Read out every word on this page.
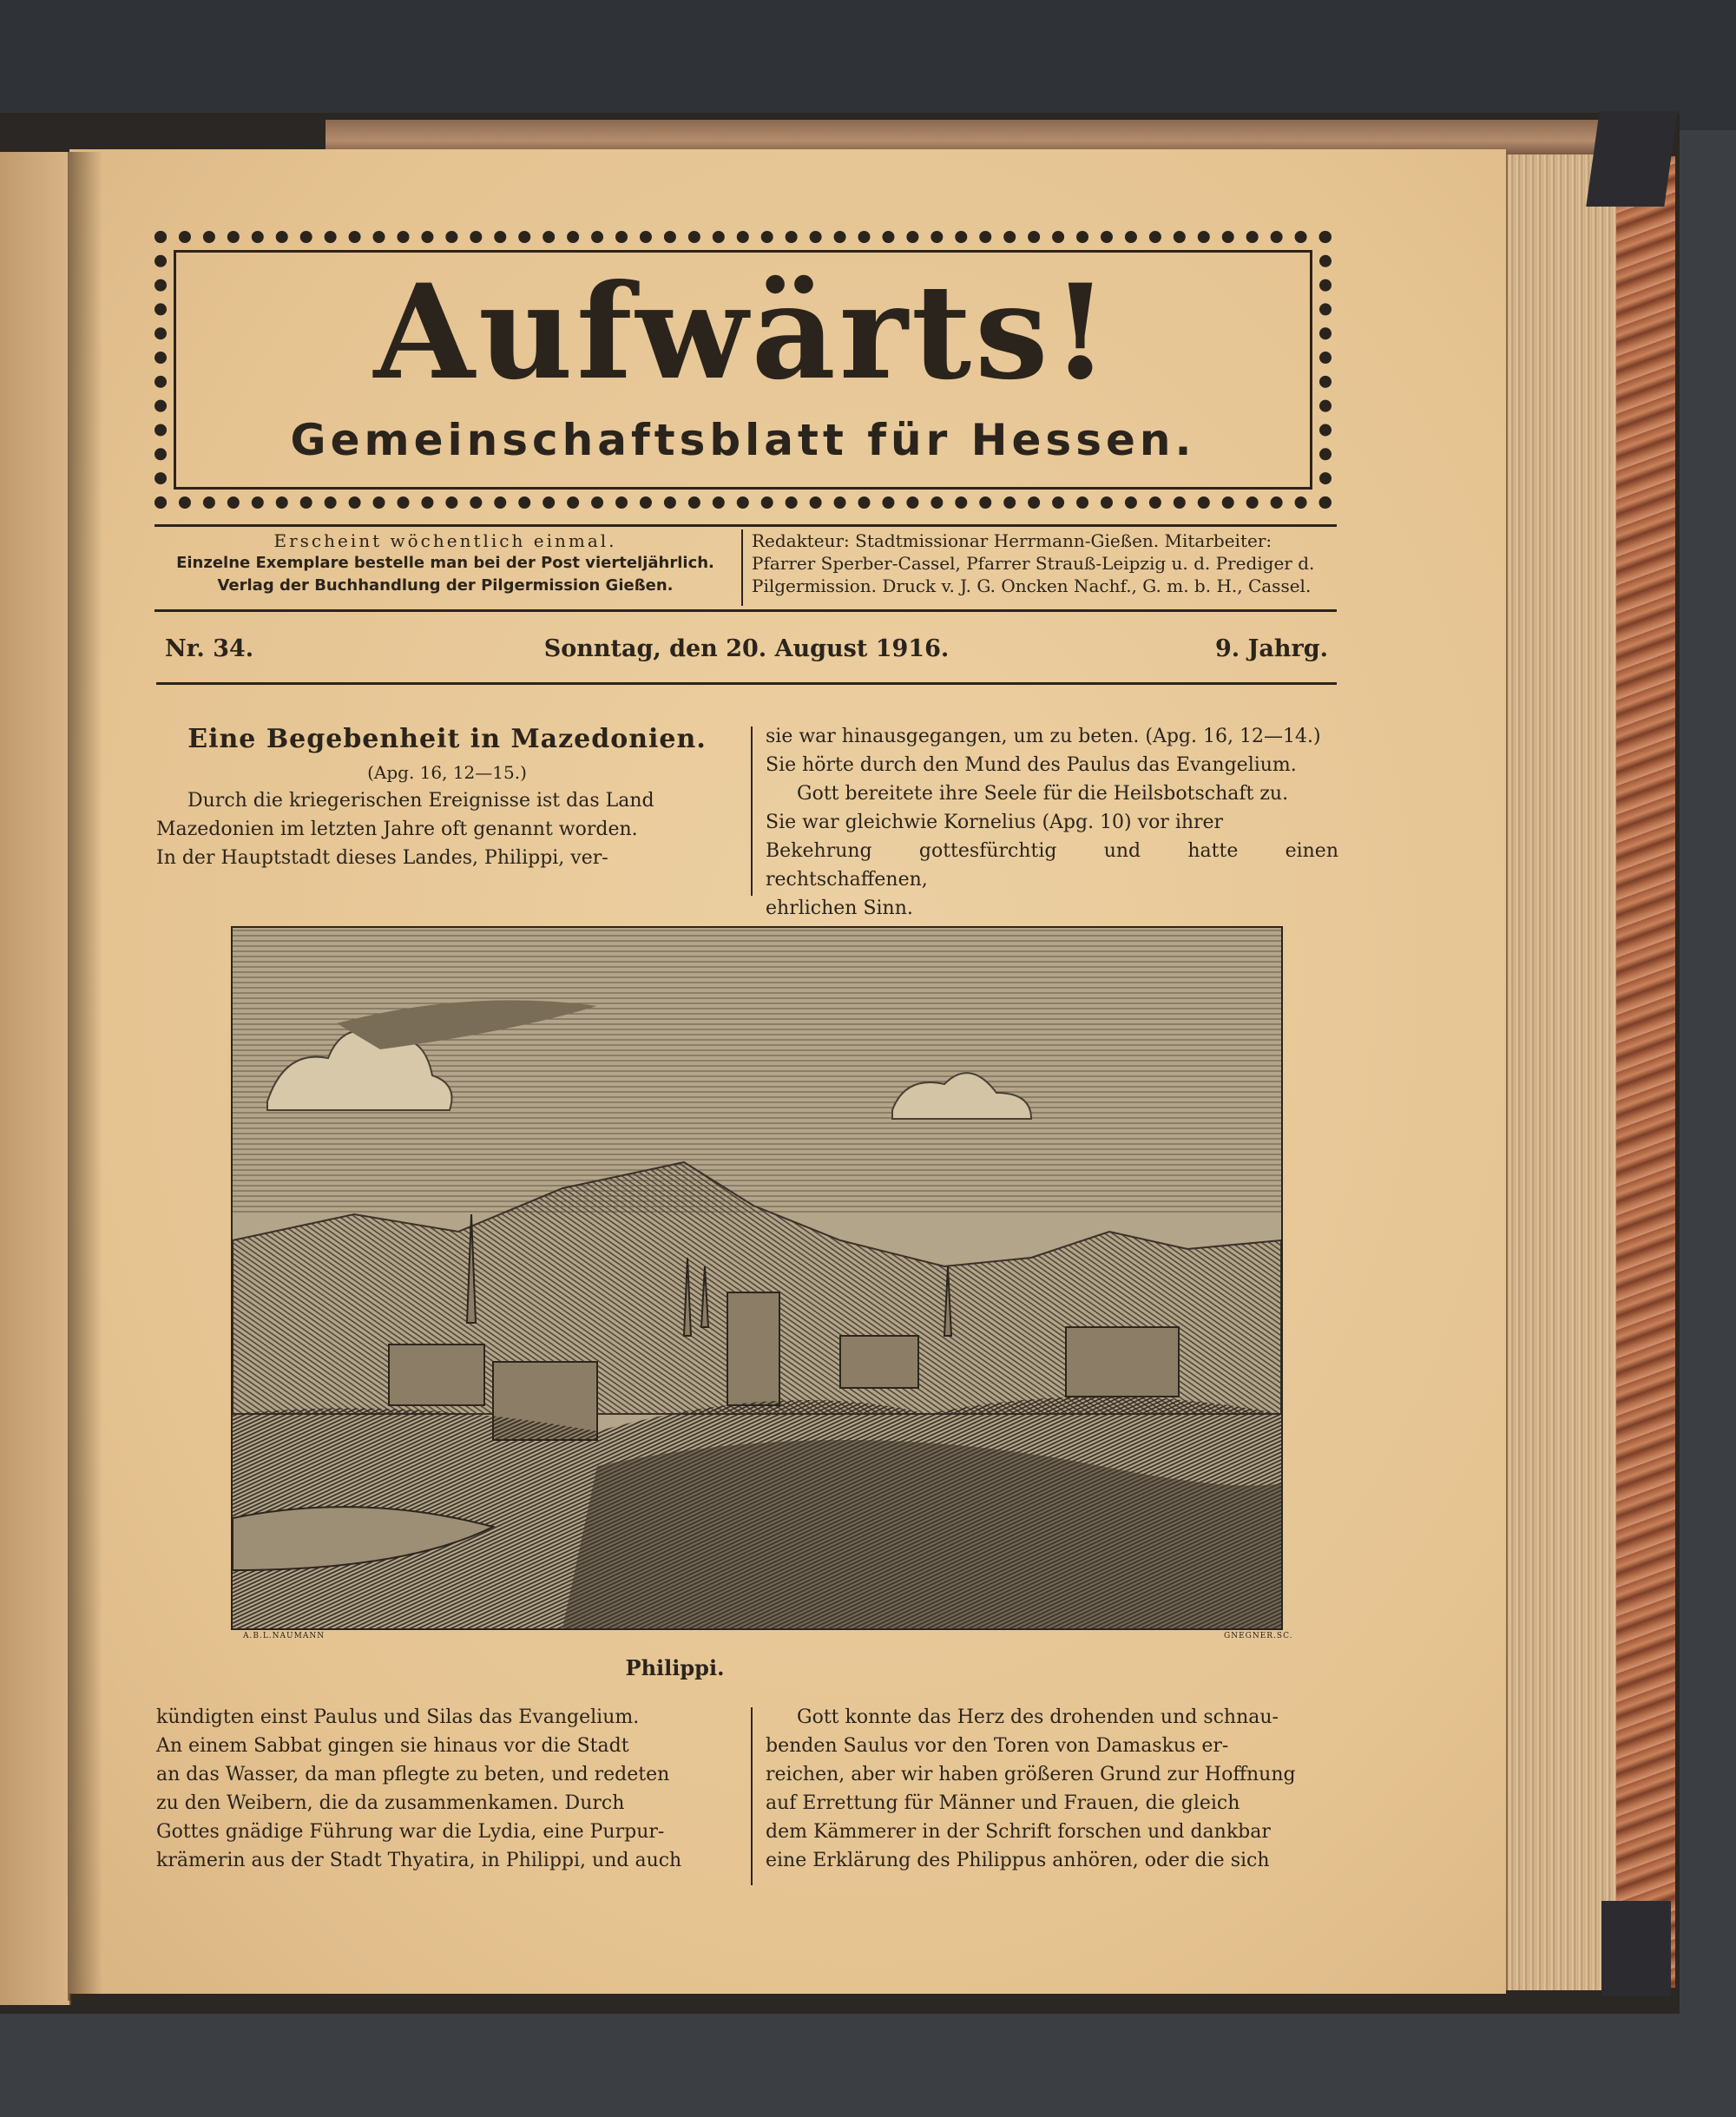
Aufwärts!
Gemeinschaftsblatt für Hessen.
Erscheint wöchentlich einmal.
Einzelne Exemplare bestelle man bei der Post vierteljährlich.
Verlag der Buchhandlung der Pilgermission Gießen.
Redakteur: Stadtmissionar Herrmann-Gießen. Mitarbeiter:
Pfarrer Sperber-Cassel, Pfarrer Strauß-Leipzig u. d. Prediger d.
Pilgermission. Druck v. J. G. Oncken Nachf., G. m. b. H., Cassel.
Nr. 34.	Sonntag, den 20. August 1916.	9. Jahrg.

Eine Begebenheit in Mazedonien.

(Apg. 16, 12—15.)

Durch die kriegerischen Ereignisse ist das Land

Mazedonien im letzten Jahre oft genannt worden.

In der Hauptstadt dieses Landes, Philippi, ver-

sie war hinausgegangen, um zu beten. (Apg. 16, 12—14.)

Sie hörte durch den Mund des Paulus das Evangelium.

Gott bereitete ihre Seele für die Heilsbotschaft zu.

Sie war gleichwie Kornelius (Apg. 10) vor ihrer

Bekehrung gottesfürchtig und hatte einen rechtschaffenen,

ehrlichen Sinn.

A.B.L.NAUMANN	GNEGNER.SC.
Philippi.

kündigten einst Paulus und Silas das Evangelium.

An einem Sabbat gingen sie hinaus vor die Stadt

an das Wasser, da man pflegte zu beten, und redeten

zu den Weibern, die da zusammenkamen. Durch

Gottes gnädige Führung war die Lydia, eine Purpur-

krämerin aus der Stadt Thyatira, in Philippi, und auch

Gott konnte das Herz des drohenden und schnau-

benden Saulus vor den Toren von Damaskus er-

reichen, aber wir haben größeren Grund zur Hoffnung

auf Errettung für Männer und Frauen, die gleich

dem Kämmerer in der Schrift forschen und dankbar

eine Erklärung des Philippus anhören, oder die sich
